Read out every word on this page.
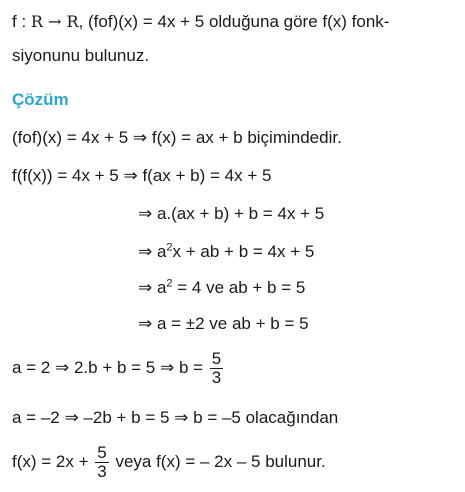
f : R → R, (fof)(x) = 4x + 5 olduğuna göre f(x) fonk-
siyonunu bulunuz.
Çözüm
(fof)(x) = 4x + 5 ⇒ f(x) = ax + b biçimindedir.
f(f(x)) = 4x + 5 ⇒ f(ax + b) = 4x + 5
⇒ a.(ax + b) + b = 4x + 5
⇒ $a^2x$ + ab + b = 4x + 5
⇒ $a^2 = 4$ ve ab + b = 5
⇒ a = ±2 ve ab + b = 5
a = 2 ⇒ 2.b + b = 5 ⇒ $b = \frac{5}{3}$
a = –2 ⇒ –2b + b = 5 ⇒ b = –5 olacağından
$f(x) = 2x + \frac{5}{3}$ veya f(x) = – 2x – 5 bulunur.
